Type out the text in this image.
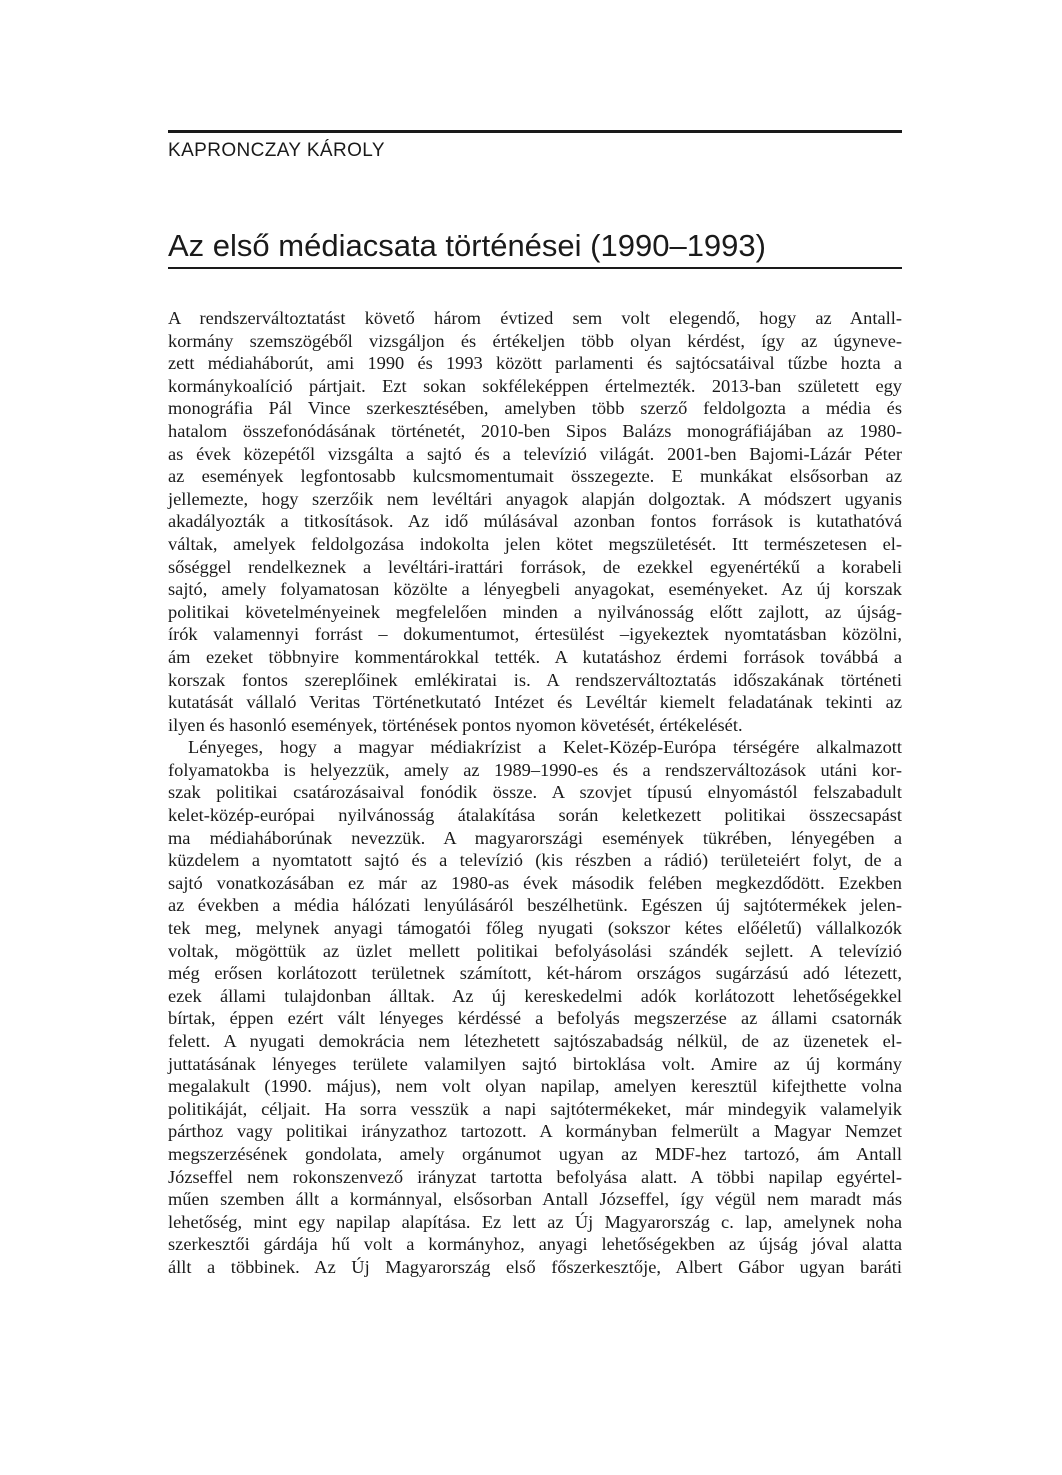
KAPRONCZAY KÁROLY
Az első médiacsata történései (1990–1993)
A rendszerváltoztatást követő három évtized sem volt elegendő, hogy az Antall-
kormány szemszögéből vizsgáljon és értékeljen több olyan kérdést, így az úgyneve-
zett médiaháborút, ami 1990 és 1993 között parlamenti és sajtócsatáival tűzbe hozta a
kormánykoalíció pártjait. Ezt sokan sokféleképpen értelmezték. 2013-ban született egy
monográfia Pál Vince szerkesztésében, amelyben több szerző feldolgozta a média és
hatalom összefonódásának történetét, 2010-ben Sipos Balázs monográfiájában az 1980-
as évek közepétől vizsgálta a sajtó és a televízió világát. 2001-ben Bajomi-Lázár Péter
az események legfontosabb kulcsmomentumait összegezte. E munkákat elsősorban az
jellemezte, hogy szerzőik nem levéltári anyagok alapján dolgoztak. A módszert ugyanis
akadályozták a titkosítások. Az idő múlásával azonban fontos források is kutathatóvá
váltak, amelyek feldolgozása indokolta jelen kötet megszületését. Itt természetesen el-
sőséggel rendelkeznek a levéltári-irattári források, de ezekkel egyenértékű a korabeli
sajtó, amely folyamatosan közölte a lényegbeli anyagokat, eseményeket. Az új korszak
politikai követelményeinek megfelelően minden a nyilvánosság előtt zajlott, az újság-
írók valamennyi forrást – dokumentumot, értesülést –igyekeztek nyomtatásban közölni,
ám ezeket többnyire kommentárokkal tették. A kutatáshoz érdemi források továbbá a
korszak fontos szereplőinek emlékiratai is. A rendszerváltoztatás időszakának történeti
kutatását vállaló Veritas Történetkutató Intézet és Levéltár kiemelt feladatának tekinti az
ilyen és hasonló események, történések pontos nyomon követését, értékelését.
Lényeges, hogy a magyar médiakrízist a Kelet-Közép-Európa térségére alkalmazott
folyamatokba is helyezzük, amely az 1989–1990-es és a rendszerváltozások utáni kor-
szak politikai csatározásaival fonódik össze. A szovjet típusú elnyomástól felszabadult
kelet-közép-európai nyilvánosság átalakítása során keletkezett politikai összecsapást
ma médiaháborúnak nevezzük. A magyarországi események tükrében, lényegében a
küzdelem a nyomtatott sajtó és a televízió (kis részben a rádió) területeiért folyt, de a
sajtó vonatkozásában ez már az 1980-as évek második felében megkezdődött. Ezekben
az években a média hálózati lenyúlásáról beszélhetünk. Egészen új sajtótermékek jelen-
tek meg, melynek anyagi támogatói főleg nyugati (sokszor kétes előéletű) vállalkozók
voltak, mögöttük az üzlet mellett politikai befolyásolási szándék sejlett. A televízió
még erősen korlátozott területnek számított, két-három országos sugárzású adó létezett,
ezek állami tulajdonban álltak. Az új kereskedelmi adók korlátozott lehetőségekkel
bírtak, éppen ezért vált lényeges kérdéssé a befolyás megszerzése az állami csatornák
felett. A nyugati demokrácia nem létezhetett sajtószabadság nélkül, de az üzenetek el-
juttatásának lényeges területe valamilyen sajtó birtoklása volt. Amire az új kormány
megalakult (1990. május), nem volt olyan napilap, amelyen keresztül kifejthette volna
politikáját, céljait. Ha sorra vesszük a napi sajtótermékeket, már mindegyik valamelyik
párthoz vagy politikai irányzathoz tartozott. A kormányban felmerült a Magyar Nemzet
megszerzésének gondolata, amely orgánumot ugyan az MDF-hez tartozó, ám Antall
Józseffel nem rokonszenvező irányzat tartotta befolyása alatt. A többi napilap egyértel-
műen szemben állt a kormánnyal, elsősorban Antall Józseffel, így végül nem maradt más
lehetőség, mint egy napilap alapítása. Ez lett az Új Magyarország c. lap, amelynek noha
szerkesztői gárdája hű volt a kormányhoz, anyagi lehetőségekben az újság jóval alatta
állt a többinek. Az Új Magyarország első főszerkesztője, Albert Gábor ugyan baráti
